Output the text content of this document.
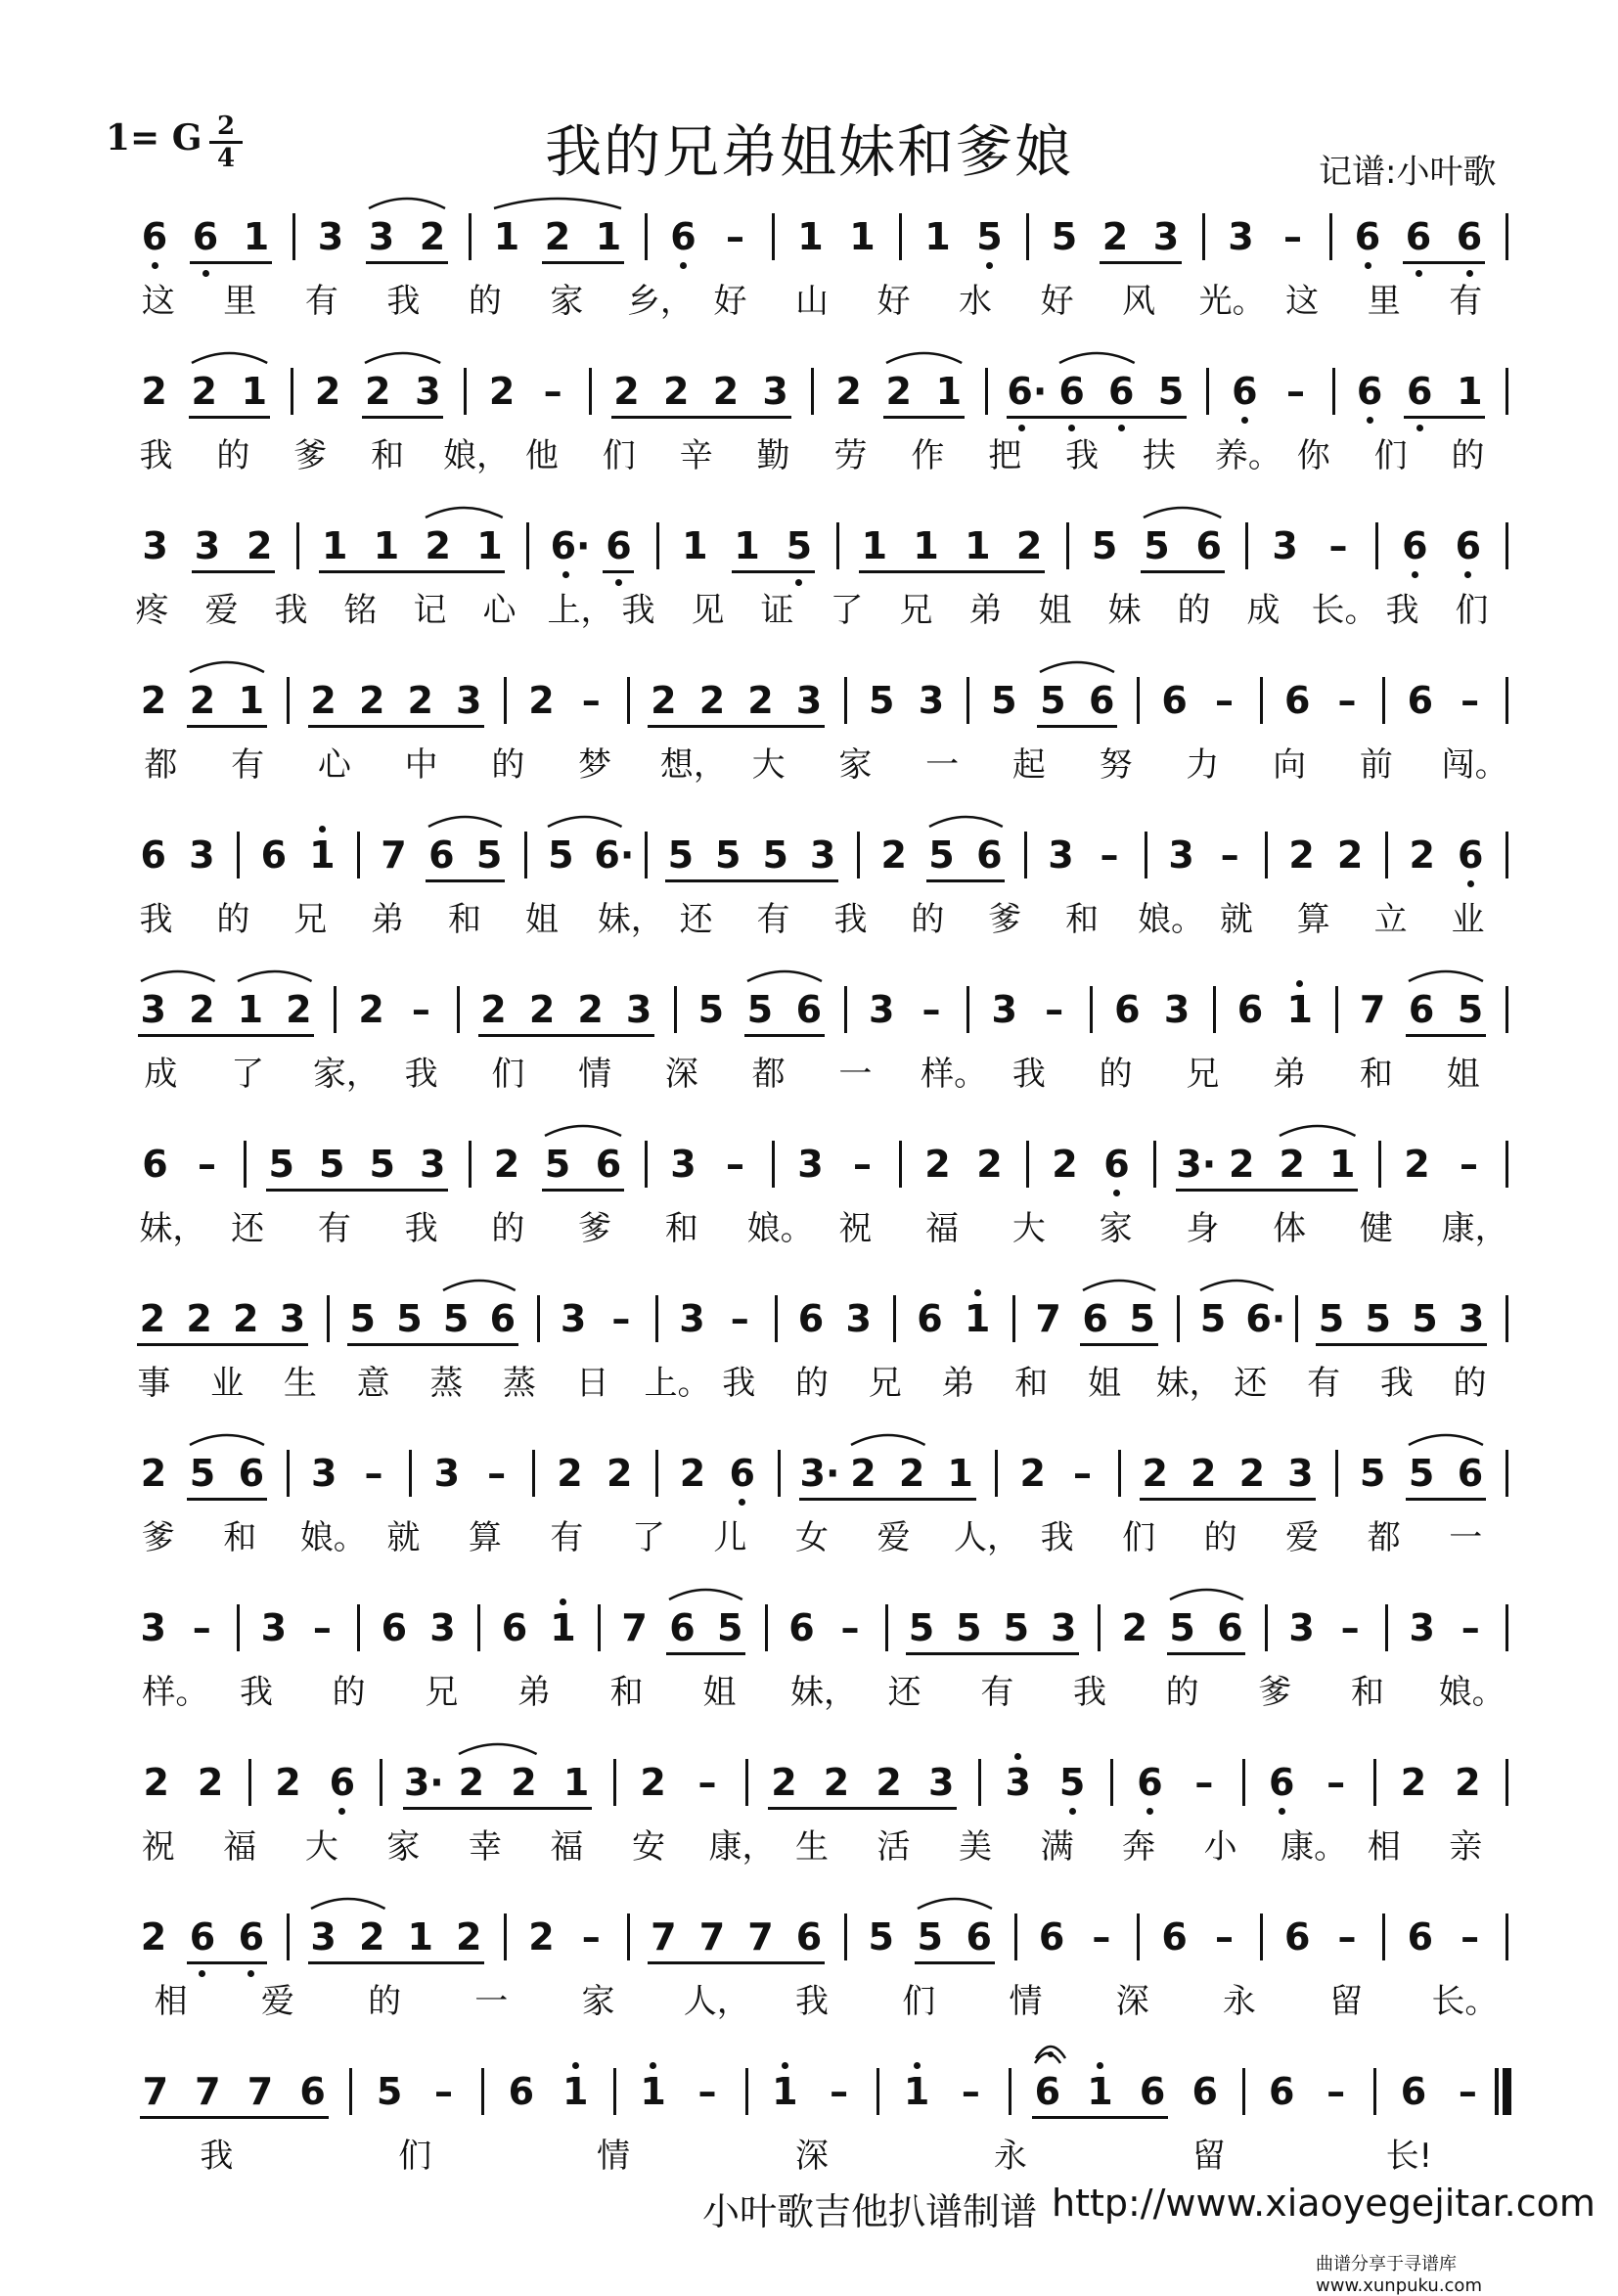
1= G 2
4	我的兄弟姐妹和爹娘	记谱:小叶歌
6 6 1 3 3 2 1 2 1 6 – 1 1 1 5 5 2 3 3 – 6 6 6
这 里 有 我 的 家 乡， 好 山 好 水 好 风 光。 这 里 有
2 2 1 2 2 3 2 – 2 2 2 3 2 2 1 6· 6 6 5 6 – 6 6 1
我 的 爹 和 娘， 他 们 辛 勤 劳 作 把 我 扶 养。 你 们 的
3 3 2 1 1 2 1 6· 6 1 1 5 1 1 1 2 5 5 6 3 – 6 6
疼 爱 我 铭 记 心 上， 我 见 证 了 兄 弟 姐 妹 的 成 长。 我 们
2 2 1 2 2 2 3 2 – 2 2 2 3 5 3 5 5 6 6 – 6 – 6 –
都 有 心 中 的 梦 想， 大 家 一 起 努 力 向 前 闯。
6 3 6 1 7 6 5 5 6· 5 5 5 3 2 5 6 3 – 3 – 2 2 2 6
我 的 兄 弟 和 姐 妹， 还 有 我 的 爹 和 娘。 就 算 立 业
3 2 1 2 2 – 2 2 2 3 5 5 6 3 – 3 – 6 3 6 1 7 6 5
成 了 家， 我 们 情 深 都 一 样。 我 的 兄 弟 和 姐
6 – 5 5 5 3 2 5 6 3 – 3 – 2 2 2 6 3· 2 2 1 2 –
妹， 还 有 我 的 爹 和 娘。 祝 福 大 家 身 体 健 康，
2 2 2 3 5 5 5 6 3 – 3 – 6 3 6 1 7 6 5 5 6· 5 5 5 3
事 业 生 意 蒸 蒸 日 上。 我 的 兄 弟 和 姐 妹， 还 有 我 的
2 5 6 3 – 3 – 2 2 2 6 3· 2 2 1 2 – 2 2 2 3 5 5 6
爹 和 娘。 就 算 有 了 儿 女 爱 人， 我 们 的 爱 都 一
3 – 3 – 6 3 6 1 7 6 5 6 – 5 5 5 3 2 5 6 3 – 3 –
样。 我 的 兄 弟 和 姐 妹， 还 有 我 的 爹 和 娘。
2 2 2 6 3· 2 2 1 2 – 2 2 2 3 3 5 6 – 6 – 2 2
祝 福 大 家 幸 福 安 康， 生 活 美 满 奔 小 康。 相 亲
2 6 6 3 2 1 2 2 – 7 7 7 6 5 5 6 6 – 6 – 6 – 6 –
相 爱 的 一 家 人， 我 们 情 深 永 留 长。
7 7 7 6 5 – 6 1 1 – 1 – 1 – 6 1 6 6 6 – 6 –
我	们	情	深	永	留	长!
小叶歌吉他扒谱制谱 http://www.xiaoyegejitar.com
曲谱分享于寻谱库 www.xunpuku.com
